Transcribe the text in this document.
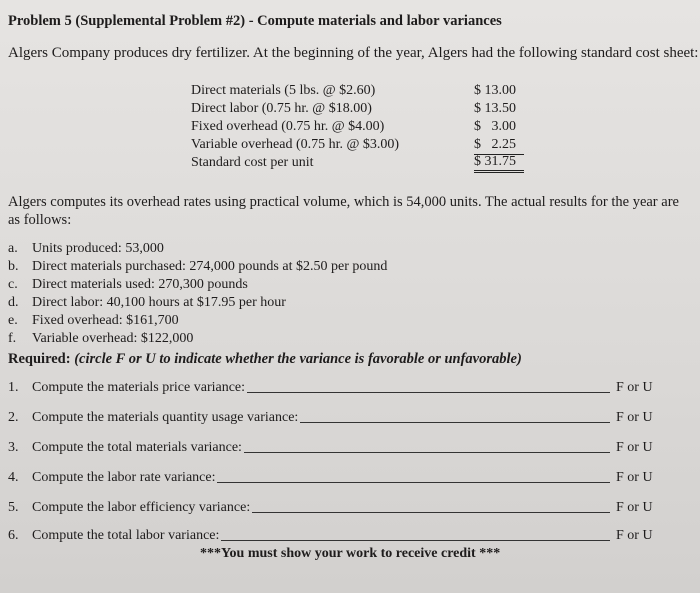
Problem 5 (Supplemental Problem #2) - Compute materials and labor variances
Algers Company produces dry fertilizer. At the beginning of the year, Algers had the following standard cost sheet:
Direct materials (5 lbs. @ $2.60)	$ 13.00
Direct labor (0.75 hr. @ $18.00)	$ 13.50
Fixed overhead (0.75 hr. @ $4.00)	$   3.00
Variable overhead (0.75 hr. @ $3.00)	$   2.25
Standard cost per unit	$ 31.75
Algers computes its overhead rates using practical volume, which is 54,000 units. The actual results for the year are as follows:
a.	Units produced: 53,000
b. Direct materials purchased: 274,000 pounds at $2.50 per pound
c.	Direct materials used: 270,300 pounds
d. Direct labor: 40,100 hours at $17.95 per hour
e.	Fixed overhead: $161,700
f.	Variable overhead: $122,000
Required: (circle F or U to indicate whether the variance is favorable or unfavorable)
1. Compute the materials price variance:	F or U
2. Compute the materials quantity usage variance:	F or U
3. Compute the total materials variance:	F or U
4. Compute the labor rate variance:	F or U
5. Compute the labor efficiency variance:	F or U
6. Compute the total labor variance:	F or U
***You must show your work to receive credit ***
